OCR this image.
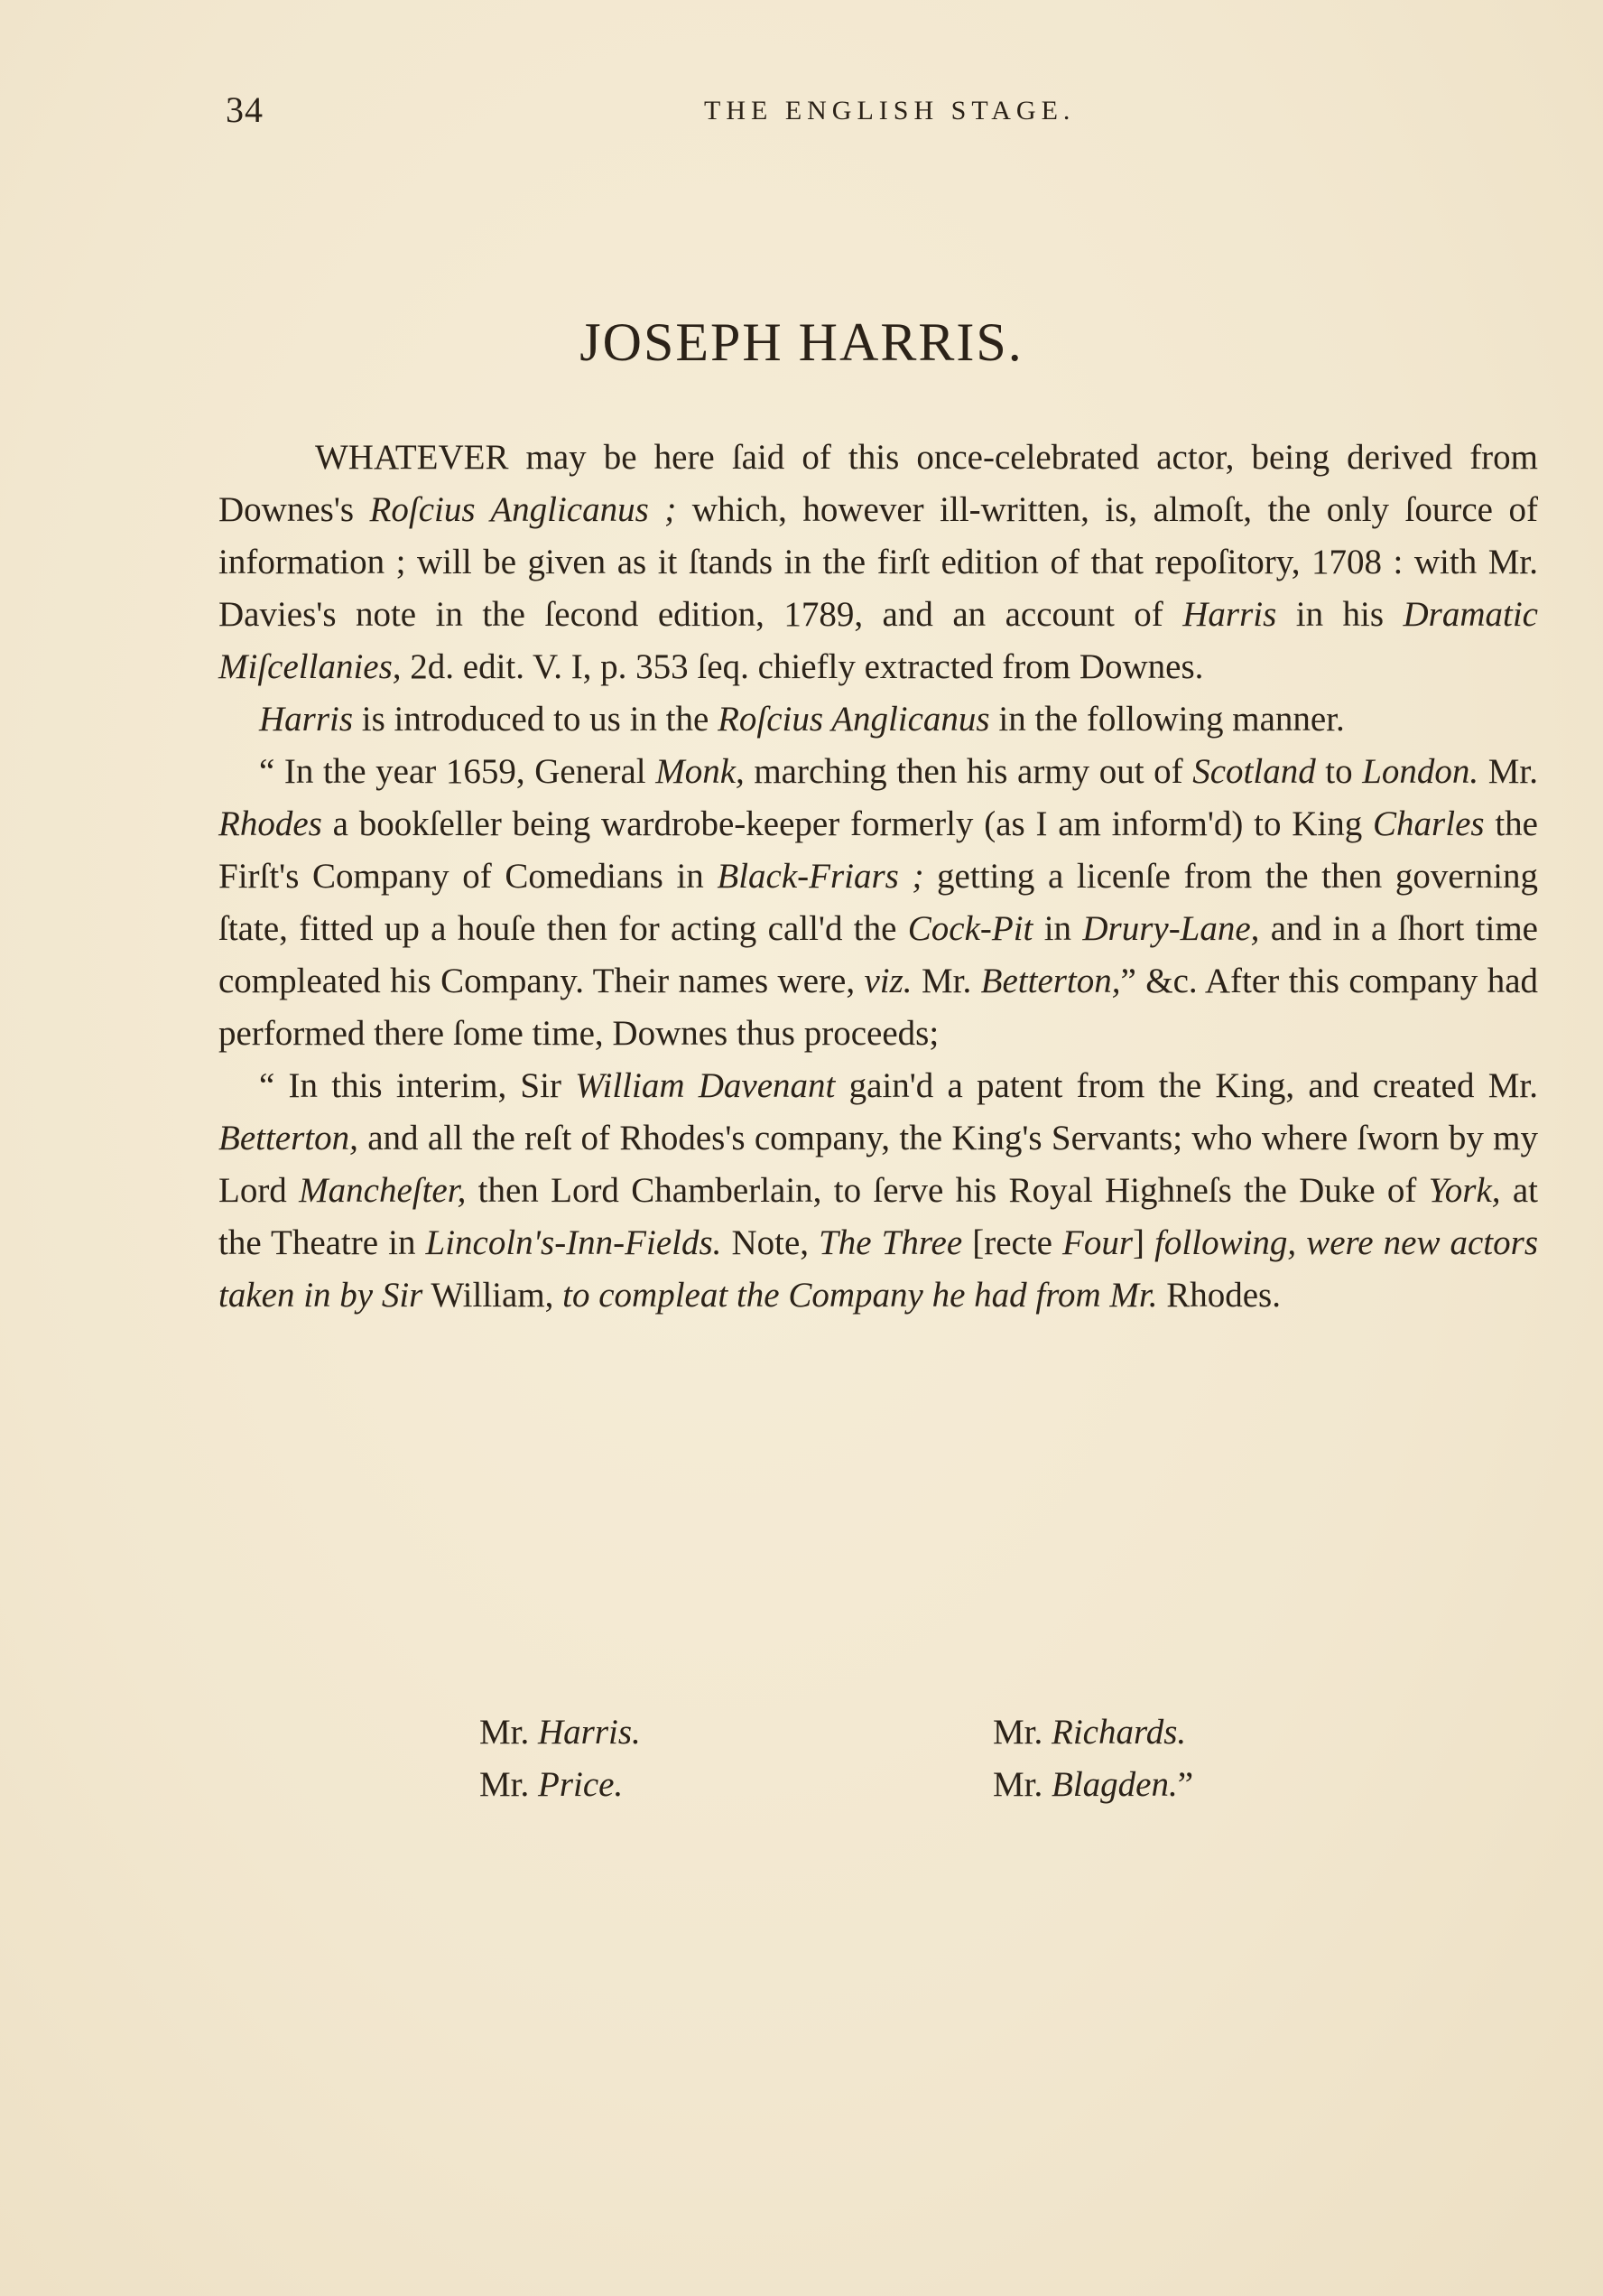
34	THE ENGLISH STAGE.
JOSEPH HARRIS.

WHATEVER may be here ſaid of this once-celebrated actor, being derived from Downes's Roſcius Anglicanus ; which, however ill-written, is, almoſt, the only ſource of information ; will be given as it ſtands in the firſt edition of that repoſitory, 1708 : with Mr. Davies's note in the ſecond edition, 1789, and an account of Harris in his Dramatic Miſcellanies, 2d. edit. V. I, p. 353 ſeq. chiefly extracted from Downes.

Harris is introduced to us in the Roſcius Anglicanus in the following manner.

“ In the year 1659, General Monk, marching then his army out of Scotland to London. Mr. Rhodes a bookſeller being wardrobe-keeper formerly (as I am inform'd) to King Charles the Firſt's Company of Comedians in Black-Friars ; getting a licenſe from the then governing ſtate, fitted up a houſe then for acting call'd the Cock-Pit in Drury-Lane, and in a ſhort time compleated his Company. Their names were, viz. Mr. Betterton,” &c. After this company had performed there ſome time, Downes thus proceeds;

“ In this interim, Sir William Davenant gain'd a patent from the King, and created Mr. Betterton, and all the reſt of Rhodes's company, the King's Servants; who where ſworn by my Lord Mancheſter, then Lord Chamberlain, to ſerve his Royal Highneſs the Duke of York, at the Theatre in Lincoln's-Inn-Fields. Note, The Three [recte Four] following, were new actors taken in by Sir William, to compleat the Company he had from Mr. Rhodes.

Mr. Harris.	Mr. Richards.
Mr. Price.	Mr. Blagden.”
